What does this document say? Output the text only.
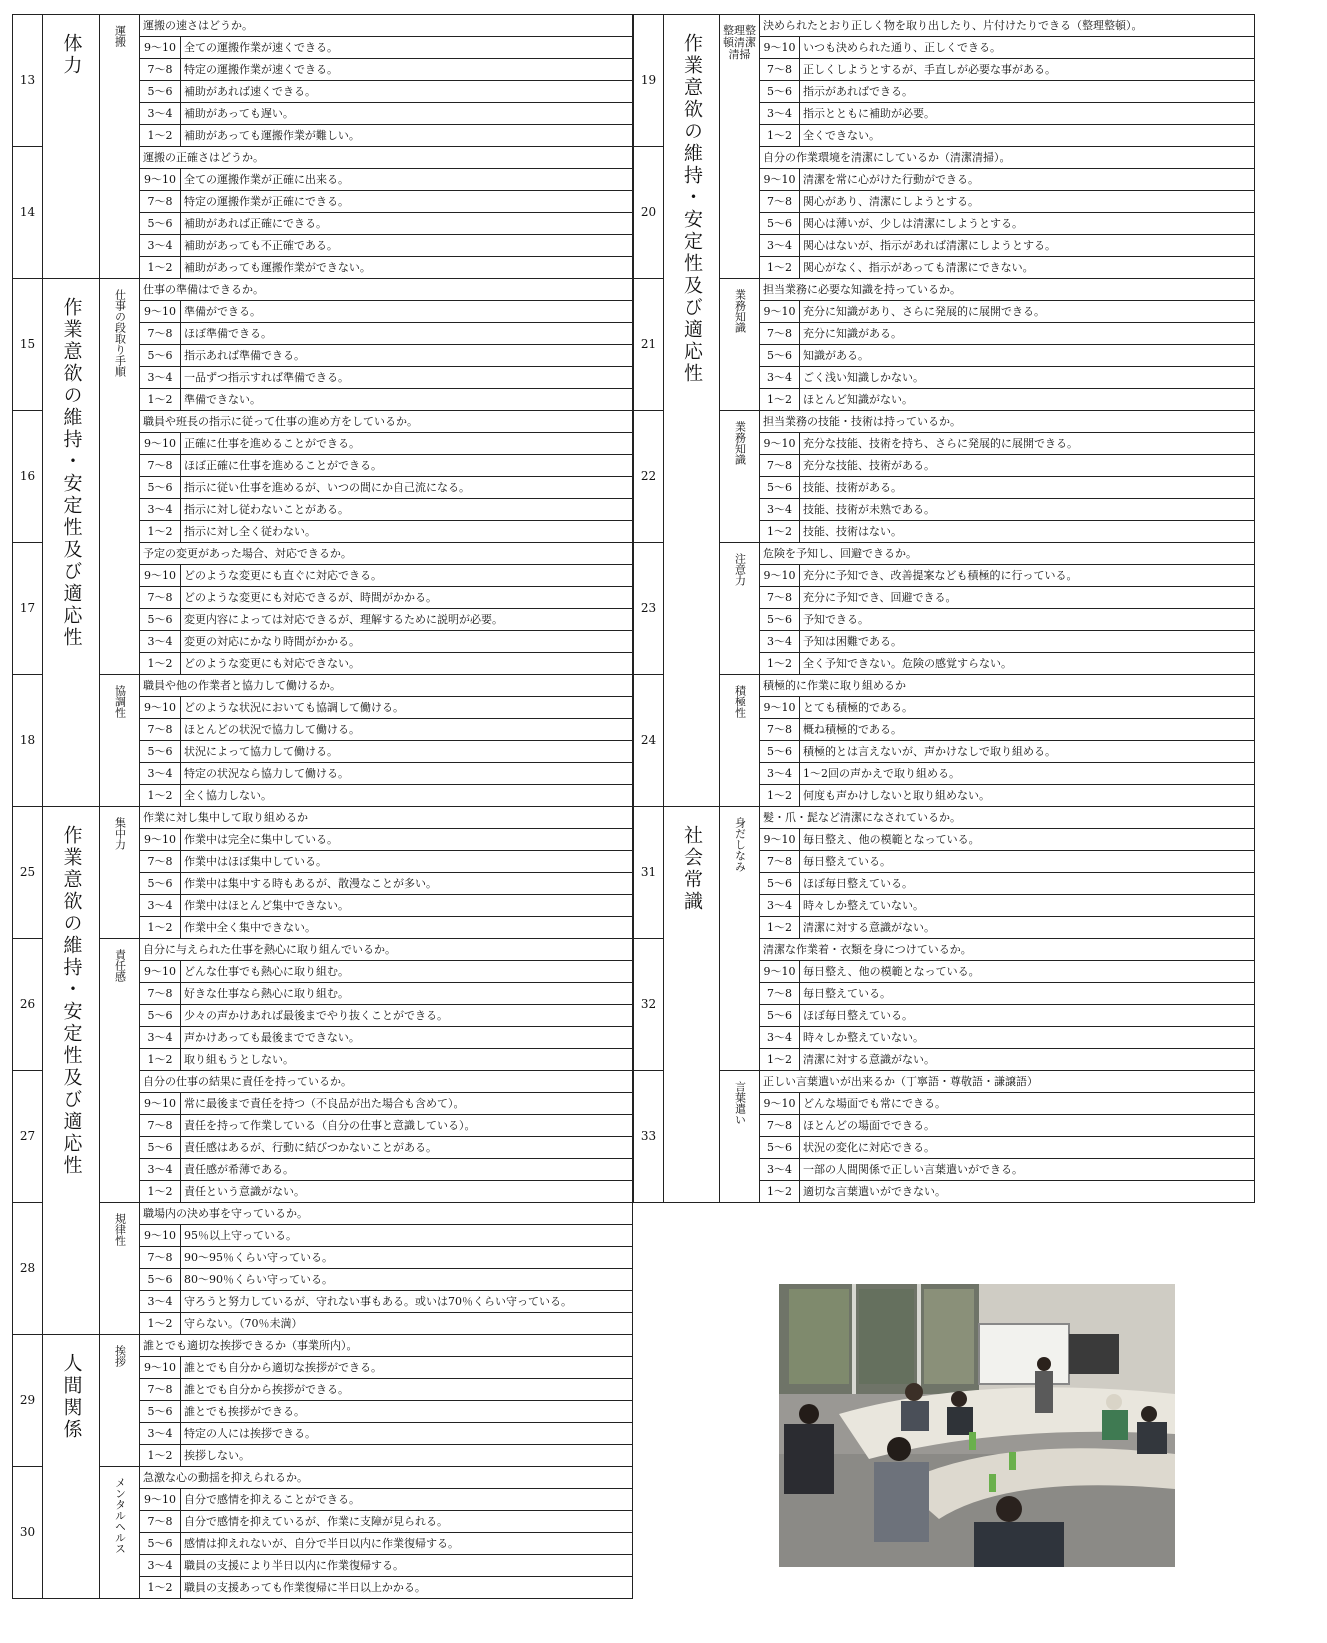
13	体力	運搬	運搬の速さはどうか。	
			9～10	全ての運搬作業が速くできる。
			7～8	特定の運搬作業が速くできる。
			5～6	補助があれば速くできる。
			3～4	補助があっても遅い。
			1～2	補助があっても運搬作業が難しい。
14			運搬の正確さはどうか。	
			9～10	全ての運搬作業が正確に出来る。
			7～8	特定の運搬作業が正確にできる。
			5～6	補助があれば正確にできる。
			3～4	補助があっても不正確である。
			1～2	補助があっても運搬作業ができない。
15	作業意欲の維持・安定性及び適応性	仕事の段取り手順	仕事の準備はできるか。	
			9～10	準備ができる。
			7～8	ほぼ準備できる。
			5～6	指示あれば準備できる。
			3～4	一品ずつ指示すれば準備できる。
			1～2	準備できない。
16			職員や班長の指示に従って仕事の進め方をしているか。	
			9～10	正確に仕事を進めることができる。
			7～8	ほぼ正確に仕事を進めることができる。
			5～6	指示に従い仕事を進めるが、いつの間にか自己流になる。
			3～4	指示に対し従わないことがある。
			1～2	指示に対し全く従わない。
17			予定の変更があった場合、対応できるか。	
			9～10	どのような変更にも直ぐに対応できる。
			7～8	どのような変更にも対応できるが、時間がかかる。
			5～6	変更内容によっては対応できるが、理解するために説明が必要。
			3～4	変更の対応にかなり時間がかかる。
			1～2	どのような変更にも対応できない。
18		協調性	職員や他の作業者と協力して働けるか。	
			9～10	どのような状況においても協調して働ける。
			7～8	ほとんどの状況で協力して働ける。
			5～6	状況によって協力して働ける。
			3～4	特定の状況なら協力して働ける。
			1～2	全く協力しない。
25	作業意欲の維持・安定性及び適応性	集中力	作業に対し集中して取り組めるか	
			9～10	作業中は完全に集中している。
			7～8	作業中はほぼ集中している。
			5～6	作業中は集中する時もあるが、散漫なことが多い。
			3～4	作業中はほとんど集中できない。
			1～2	作業中全く集中できない。
26		責任感	自分に与えられた仕事を熱心に取り組んでいるか。	
			9～10	どんな仕事でも熱心に取り組む。
			7～8	好きな仕事なら熱心に取り組む。
			5～6	少々の声かけあれば最後までやり抜くことができる。
			3～4	声かけあっても最後までできない。
			1～2	取り組もうとしない。
27			自分の仕事の結果に責任を持っているか。	
			9～10	常に最後まで責任を持つ（不良品が出た場合も含めて）。
			7～8	責任を持って作業している（自分の仕事と意識している）。
			5～6	責任感はあるが、行動に結びつかないことがある。
			3～4	責任感が希薄である。
			1～2	責任という意識がない。
28		規律性	職場内の決め事を守っているか。	
			9～10	95％以上守っている。
			7～8	90～95％くらい守っている。
			5～6	80～90％くらい守っている。
			3～4	守ろうと努力しているが、守れない事もある。或いは70％くらい守っている。
			1～2	守らない。（70％未満）
29	人間関係	挨拶	誰とでも適切な挨拶できるか（事業所内）。	
			9～10	誰とでも自分から適切な挨拶ができる。
			7～8	誰とでも自分から挨拶ができる。
			5～6	誰とでも挨拶ができる。
			3～4	特定の人には挨拶できる。
			1～2	挨拶しない。
30		メンタルヘルス	急激な心の動揺を抑えられるか。	
			9～10	自分で感情を抑えることができる。
			7～8	自分で感情を抑えているが、作業に支障が見られる。
			5～6	感情は抑えれないが、自分で半日以内に作業復帰する。
			3～4	職員の支援により半日以内に作業復帰する。
			1～2	職員の支援あっても作業復帰に半日以上かかる。
19	作業意欲の維持・安定性及び適応性	整理整頓清潔清掃	決められたとおり正しく物を取り出したり、片付けたりできる（整理整頓）。	
			9～10	いつも決められた通り、正しくできる。
			7～8	正しくしようとするが、手直しが必要な事がある。
			5～6	指示があればできる。
			3～4	指示とともに補助が必要。
			1～2	全くできない。
20			自分の作業環境を清潔にしているか（清潔清掃）。	
			9～10	清潔を常に心がけた行動ができる。
			7～8	関心があり、清潔にしようとする。
			5～6	関心は薄いが、少しは清潔にしようとする。
			3～4	関心はないが、指示があれば清潔にしようとする。
			1～2	関心がなく、指示があっても清潔にできない。
21		業務知識	担当業務に必要な知識を持っているか。	
			9～10	充分に知識があり、さらに発展的に展開できる。
			7～8	充分に知識がある。
			5～6	知識がある。
			3～4	ごく浅い知識しかない。
			1～2	ほとんど知識がない。
22		業務知識	担当業務の技能・技術は持っているか。	
			9～10	充分な技能、技術を持ち、さらに発展的に展開できる。
			7～8	充分な技能、技術がある。
			5～6	技能、技術がある。
			3～4	技能、技術が未熟である。
			1～2	技能、技術はない。
23		注意力	危険を予知し、回避できるか。	
			9～10	充分に予知でき、改善提案なども積極的に行っている。
			7～8	充分に予知でき、回避できる。
			5～6	予知できる。
			3～4	予知は困難である。
			1～2	全く予知できない。危険の感覚すらない。
24		積極性	積極的に作業に取り組めるか	
			9～10	とても積極的である。
			7～8	概ね積極的である。
			5～6	積極的とは言えないが、声かけなしで取り組める。
			3～4	1～2回の声かえで取り組める。
			1～2	何度も声かけしないと取り組めない。
31	社会常識	身だしなみ	髪・爪・髭など清潔になされているか。	
			9～10	毎日整え、他の模範となっている。
			7～8	毎日整えている。
			5～6	ほぼ毎日整えている。
			3～4	時々しか整えていない。
			1～2	清潔に対する意識がない。
32			清潔な作業着・衣類を身につけているか。	
			9～10	毎日整え、他の模範となっている。
			7～8	毎日整えている。
			5～6	ほぼ毎日整えている。
			3～4	時々しか整えていない。
			1～2	清潔に対する意識がない。
33		言葉遣い	正しい言葉遣いが出来るか（丁寧語・尊敬語・謙譲語）	
			9～10	どんな場面でも常にできる。
			7～8	ほとんどの場面でできる。
			5～6	状況の変化に対応できる。
			3～4	一部の人間関係で正しい言葉遣いができる。
			1～2	適切な言葉遣いができない。
